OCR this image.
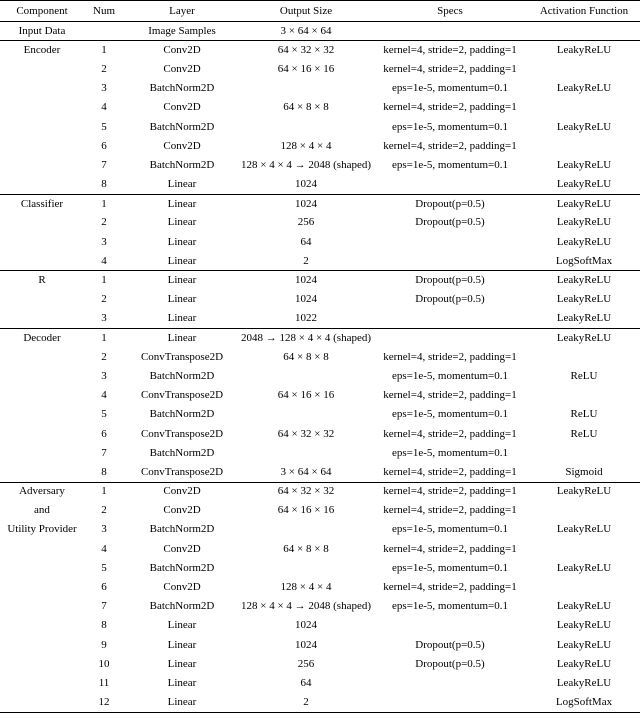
Component	Num	Layer	Output Size	Specs	Activation Function
Input Data		Image Samples	3 × 64 × 64		
Encoder	1	Conv2D	64 × 32 × 32	kernel=4, stride=2, padding=1	LeakyReLU
	2	Conv2D	64 × 16 × 16	kernel=4, stride=2, padding=1	
	3	BatchNorm2D		eps=1e-5, momentum=0.1	LeakyReLU
	4	Conv2D	64 × 8 × 8	kernel=4, stride=2, padding=1	
	5	BatchNorm2D		eps=1e-5, momentum=0.1	LeakyReLU
	6	Conv2D	128 × 4 × 4	kernel=4, stride=2, padding=1	
	7	BatchNorm2D	128 × 4 × 4 → 2048 (shaped)	eps=1e-5, momentum=0.1	LeakyReLU
	8	Linear	1024		LeakyReLU
Classifier	1	Linear	1024	Dropout(p=0.5)	LeakyReLU
	2	Linear	256	Dropout(p=0.5)	LeakyReLU
	3	Linear	64		LeakyReLU
	4	Linear	2		LogSoftMax
R	1	Linear	1024	Dropout(p=0.5)	LeakyReLU
	2	Linear	1024	Dropout(p=0.5)	LeakyReLU
	3	Linear	1022		LeakyReLU
Decoder	1	Linear	2048 → 128 × 4 × 4 (shaped)		LeakyReLU
	2	ConvTranspose2D	64 × 8 × 8	kernel=4, stride=2, padding=1	
	3	BatchNorm2D		eps=1e-5, momentum=0.1	ReLU
	4	ConvTranspose2D	64 × 16 × 16	kernel=4, stride=2, padding=1	
	5	BatchNorm2D		eps=1e-5, momentum=0.1	ReLU
	6	ConvTranspose2D	64 × 32 × 32	kernel=4, stride=2, padding=1	ReLU
	7	BatchNorm2D		eps=1e-5, momentum=0.1	
	8	ConvTranspose2D	3 × 64 × 64	kernel=4, stride=2, padding=1	Sigmoid
Adversary	1	Conv2D	64 × 32 × 32	kernel=4, stride=2, padding=1	LeakyReLU
and	2	Conv2D	64 × 16 × 16	kernel=4, stride=2, padding=1	
Utility Provider	3	BatchNorm2D		eps=1e-5, momentum=0.1	LeakyReLU
	4	Conv2D	64 × 8 × 8	kernel=4, stride=2, padding=1	
	5	BatchNorm2D		eps=1e-5, momentum=0.1	LeakyReLU
	6	Conv2D	128 × 4 × 4	kernel=4, stride=2, padding=1	
	7	BatchNorm2D	128 × 4 × 4 → 2048 (shaped)	eps=1e-5, momentum=0.1	LeakyReLU
	8	Linear	1024		LeakyReLU
	9	Linear	1024	Dropout(p=0.5)	LeakyReLU
	10	Linear	256	Dropout(p=0.5)	LeakyReLU
	11	Linear	64		LeakyReLU
	12	Linear	2		LogSoftMax
